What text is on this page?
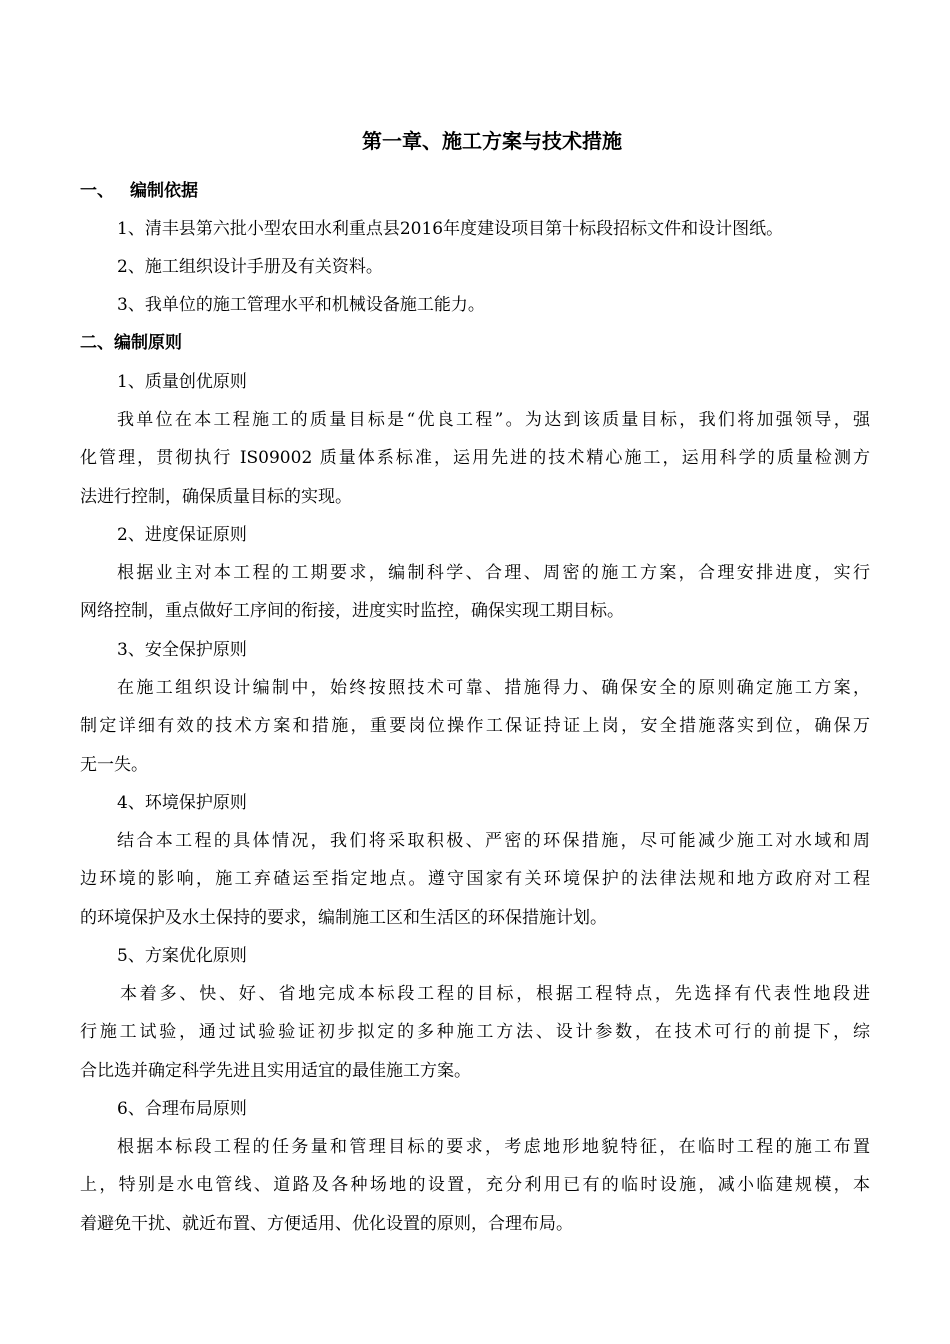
第一章、施工方案与技术措施
一、 编制依据
1、清丰县第六批小型农田水利重点县2016年度建设项目第十标段招标文件和设计图纸。
2、施工组织设计手册及有关资料。
3、我单位的施工管理水平和机械设备施工能力。
二、编制原则
1、质量创优原则
我单位在本工程施工的质量目标是“优良工程”。为达到该质量目标，我们将加强领导，强
化管理，贯彻执行 IS09002 质量体系标准，运用先进的技术精心施工，运用科学的质量检测方
法进行控制，确保质量目标的实现。
2、进度保证原则
根据业主对本工程的工期要求，编制科学、合理、周密的施工方案，合理安排进度，实行
网络控制，重点做好工序间的衔接，进度实时监控，确保实现工期目标。
3、安全保护原则
在施工组织设计编制中，始终按照技术可靠、措施得力、确保安全的原则确定施工方案，
制定详细有效的技术方案和措施，重要岗位操作工保证持证上岗，安全措施落实到位，确保万
无一失。
4、环境保护原则
结合本工程的具体情况，我们将采取积极、严密的环保措施，尽可能减少施工对水域和周
边环境的影响，施工弃碴运至指定地点。遵守国家有关环境保护的法律法规和地方政府对工程
的环境保护及水土保持的要求，编制施工区和生活区的环保措施计划。
5、方案优化原则
本着多、快、好、省地完成本标段工程的目标，根据工程特点，先选择有代表性地段进
行施工试验，通过试验验证初步拟定的多种施工方法、设计参数，在技术可行的前提下，综
合比选并确定科学先进且实用适宜的最佳施工方案。
6、合理布局原则
根据本标段工程的任务量和管理目标的要求，考虑地形地貌特征，在临时工程的施工布置
上，特别是水电管线、道路及各种场地的设置，充分利用已有的临时设施，减小临建规模，本
着避免干扰、就近布置、方便适用、优化设置的原则，合理布局。
